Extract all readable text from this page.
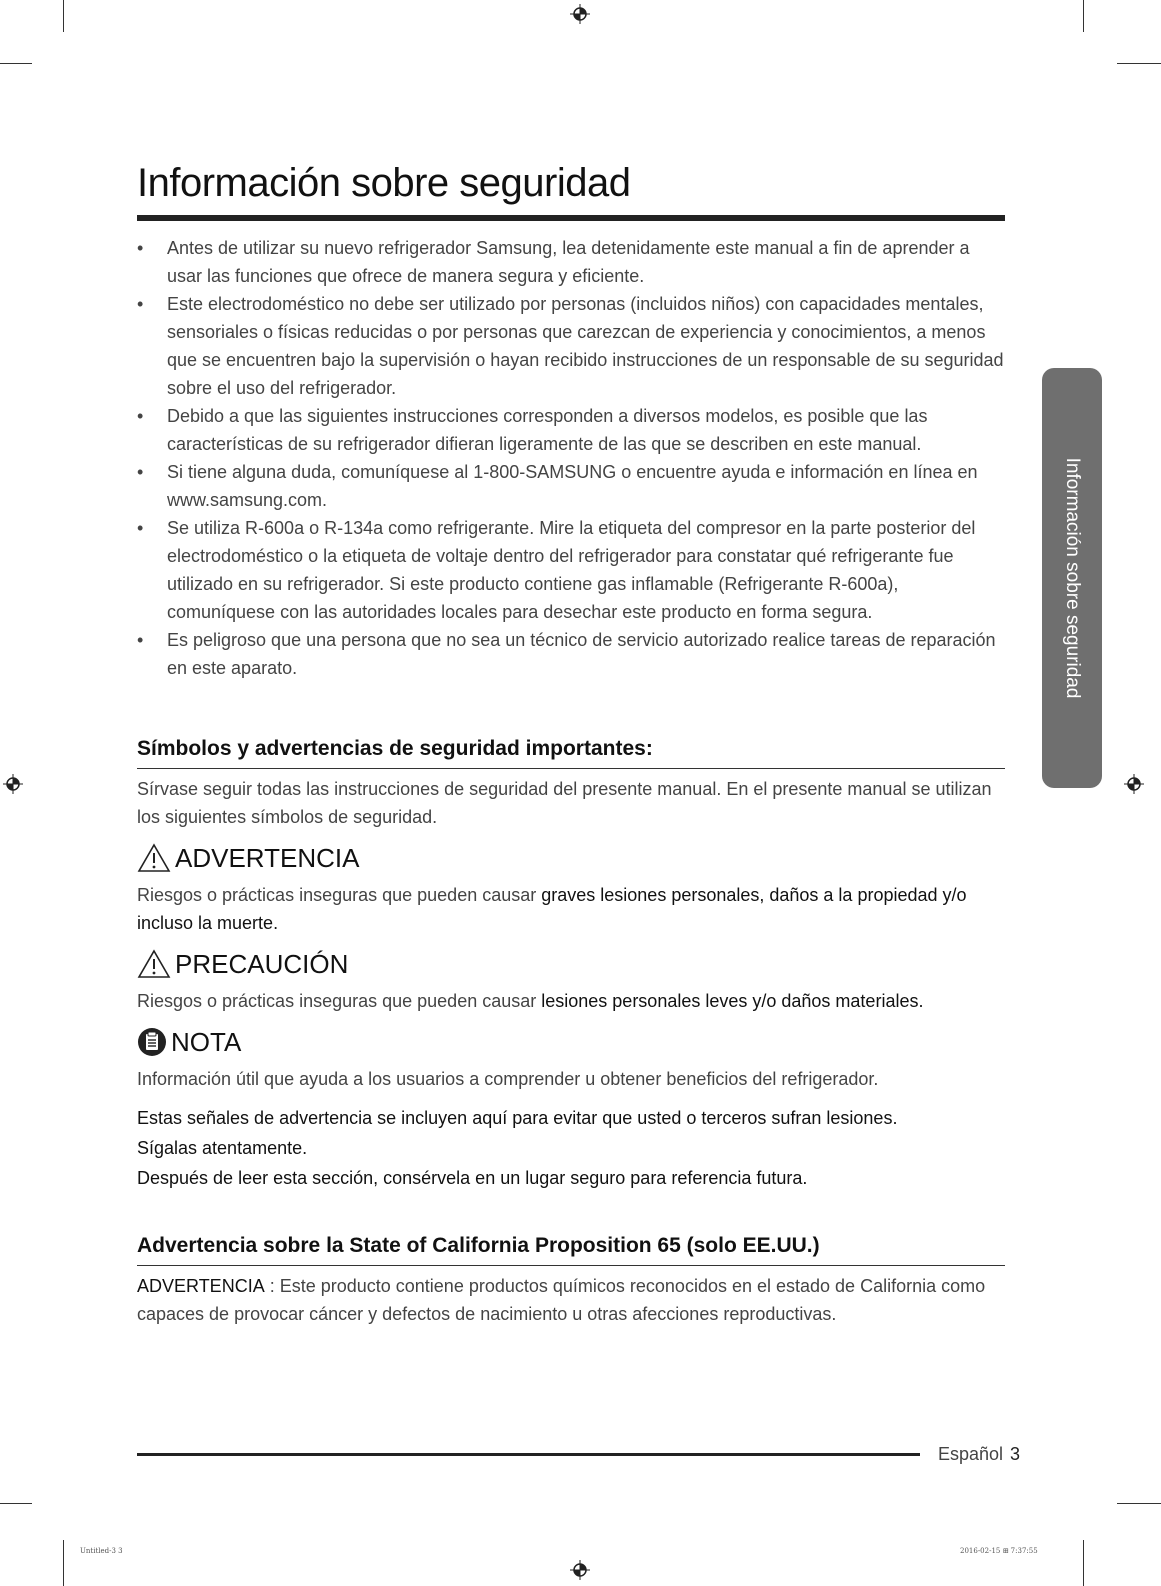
Información sobre seguridad
• Antes de utilizar su nuevo refrigerador Samsung, lea detenidamente este manual a fin de aprender a usar las funciones que ofrece de manera segura y eficiente.
• Este electrodoméstico no debe ser utilizado por personas (incluidos niños) con capacidades mentales, sensoriales o físicas reducidas o por personas que carezcan de experiencia y conocimientos, a menos que se encuentren bajo la supervisión o hayan recibido instrucciones de un responsable de su seguridad sobre el uso del refrigerador.
• Debido a que las siguientes instrucciones corresponden a diversos modelos, es posible que las características de su refrigerador difieran ligeramente de las que se describen en este manual.
• Si tiene alguna duda, comuníquese al 1-800-SAMSUNG o encuentre ayuda e información en línea en www.samsung.com.
• Se utiliza R-600a o R-134a como refrigerante. Mire la etiqueta del compresor en la parte posterior del electrodoméstico o la etiqueta de voltaje dentro del refrigerador para constatar qué refrigerante fue utilizado en su refrigerador. Si este producto contiene gas inflamable (Refrigerante R-600a), comuníquese con las autoridades locales para desechar este producto en forma segura.
• Es peligroso que una persona que no sea un técnico de servicio autorizado realice tareas de reparación en este aparato.
Símbolos y advertencias de seguridad importantes:

Sírvase seguir todas las instrucciones de seguridad del presente manual. En el presente manual se utilizan los siguientes símbolos de seguridad.

ADVERTENCIA

Riesgos o prácticas inseguras que pueden causar graves lesiones personales, daños a la propiedad y/o incluso la muerte.

PRECAUCIÓN

Riesgos o prácticas inseguras que pueden causar lesiones personales leves y/o daños materiales.

NOTA

Información útil que ayuda a los usuarios a comprender u obtener beneficios del refrigerador.

Estas señales de advertencia se incluyen aquí para evitar que usted o terceros sufran lesiones.

Sígalas atentamente.

Después de leer esta sección, consérvela en un lugar seguro para referencia futura.

Advertencia sobre la State of California Proposition 65 (solo EE.UU.)

ADVERTENCIA : Este producto contiene productos químicos reconocidos en el estado de California como capaces de provocar cáncer y defectos de nacimiento u otras afecciones reproductivas.

Información sobre seguridad
Español 3
Untitled-3 3	2016-02-15 ⊞ 7:37:55
